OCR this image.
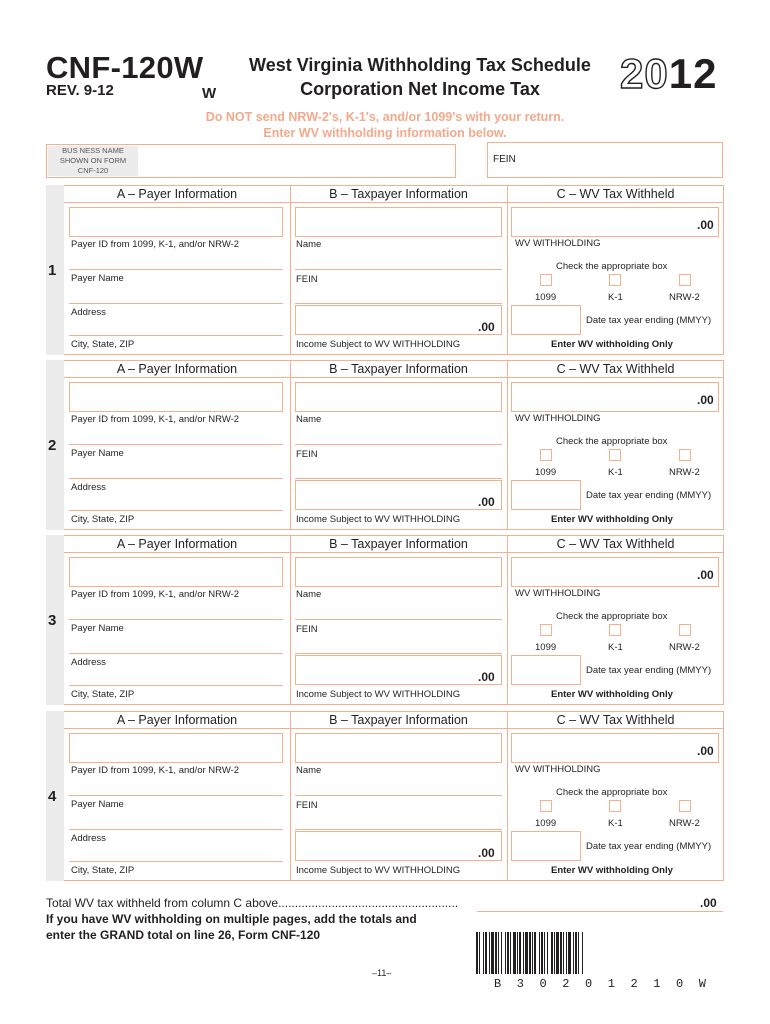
CNF-120W
REV. 9-12	W
West Virginia Withholding Tax Schedule
Corporation Net Income Tax	2012
Do NOT send NRW-2's, K-1's, and/or 1099's with your return.
Enter WV withholding information below.
BUS NESS NAME
SHOWN ON FORM
CNF-120
FEIN
1
A – Payer Information	B – Taxpayer Information	C – WV Tax Withheld
Payer ID from 1099, K-1, and/or NRW-2
Payer Name
Address
City, State, ZIP
Name
FEIN
.00
Income Subject to WV WITHHOLDING
.00
WV WITHHOLDING
Check the appropriate box
1099	K-1	NRW-2
Date tax year ending (MMYY)
Enter WV withholding Only
2
A – Payer Information	B – Taxpayer Information	C – WV Tax Withheld
Payer ID from 1099, K-1, and/or NRW-2
Payer Name
Address
City, State, ZIP
Name
FEIN
.00
Income Subject to WV WITHHOLDING
.00
WV WITHHOLDING
Check the appropriate box
1099	K-1	NRW-2
Date tax year ending (MMYY)
Enter WV withholding Only
3
A – Payer Information	B – Taxpayer Information	C – WV Tax Withheld
Payer ID from 1099, K-1, and/or NRW-2
Payer Name
Address
City, State, ZIP
Name
FEIN
.00
Income Subject to WV WITHHOLDING
.00
WV WITHHOLDING
Check the appropriate box
1099	K-1	NRW-2
Date tax year ending (MMYY)
Enter WV withholding Only
4
A – Payer Information	B – Taxpayer Information	C – WV Tax Withheld
Payer ID from 1099, K-1, and/or NRW-2
Payer Name
Address
City, State, ZIP
Name
FEIN
.00
Income Subject to WV WITHHOLDING
.00
WV WITHHOLDING
Check the appropriate box
1099	K-1	NRW-2
Date tax year ending (MMYY)
Enter WV withholding Only
Total WV tax withheld from column C above......................................................	.00
If you have WV withholding on multiple pages, add the totals and
enter the GRAND total on line 26, Form CNF-120
–11–
B 3 0 2 0 1 2 1 0 W
